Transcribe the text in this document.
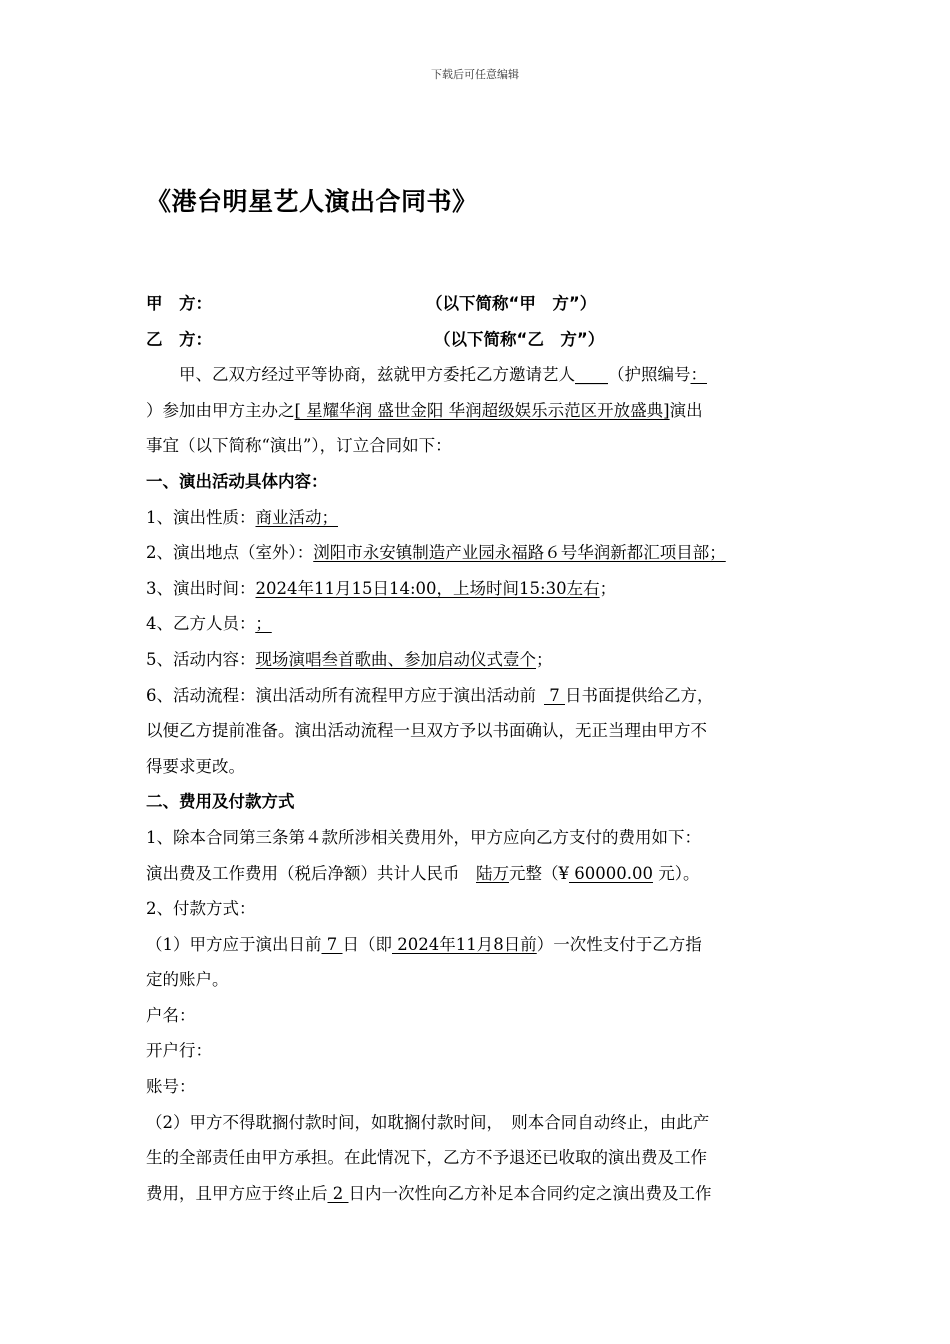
下载后可任意编辑
《港台明星艺人演出合同书》
甲　方：	（以下简称“甲　方”）
乙　方：	（以下简称“乙　方”）
甲、乙双方经过平等协商，兹就甲方委托乙方邀请艺人____（护照编号：
）参加由甲方主办之[ 星耀华润 盛世金阳 华润超级娱乐示范区开放盛典]演出
事宜（以下简称“演出”），订立合同如下：
一、演出活动具体内容：
1、演出性质：商业活动；
2、演出地点（室外）：浏阳市永安镇制造产业园永福路６号华润新都汇项目部；
3、演出时间：2024年11月15日14:00，上场时间15:30左右；
4、乙方人员： ；
5、活动内容：现场演唱叁首歌曲、参加启动仪式壹个；
6、活动流程：演出活动所有流程甲方应于演出活动前 7 日书面提供给乙方，
以便乙方提前准备。演出活动流程一旦双方予以书面确认，无正当理由甲方不
得要求更改。
二、费用及付款方式
1、除本合同第三条第４款所涉相关费用外，甲方应向乙方支付的费用如下：
演出费及工作费用（税后净额）共计人民币　陆万元整（¥ 60000.00 元）。
2、付款方式：
（1）甲方应于演出日前 7 日（即 2024年11月8日前）一次性支付于乙方指
定的账户。
户名：
开户行：
账号：
（2）甲方不得耽搁付款时间，如耽搁付款时间，　则本合同自动终止，由此产
生的全部责任由甲方承担。在此情况下，乙方不予退还已收取的演出费及工作
费用，且甲方应于终止后 2 日内一次性向乙方补足本合同约定之演出费及工作
